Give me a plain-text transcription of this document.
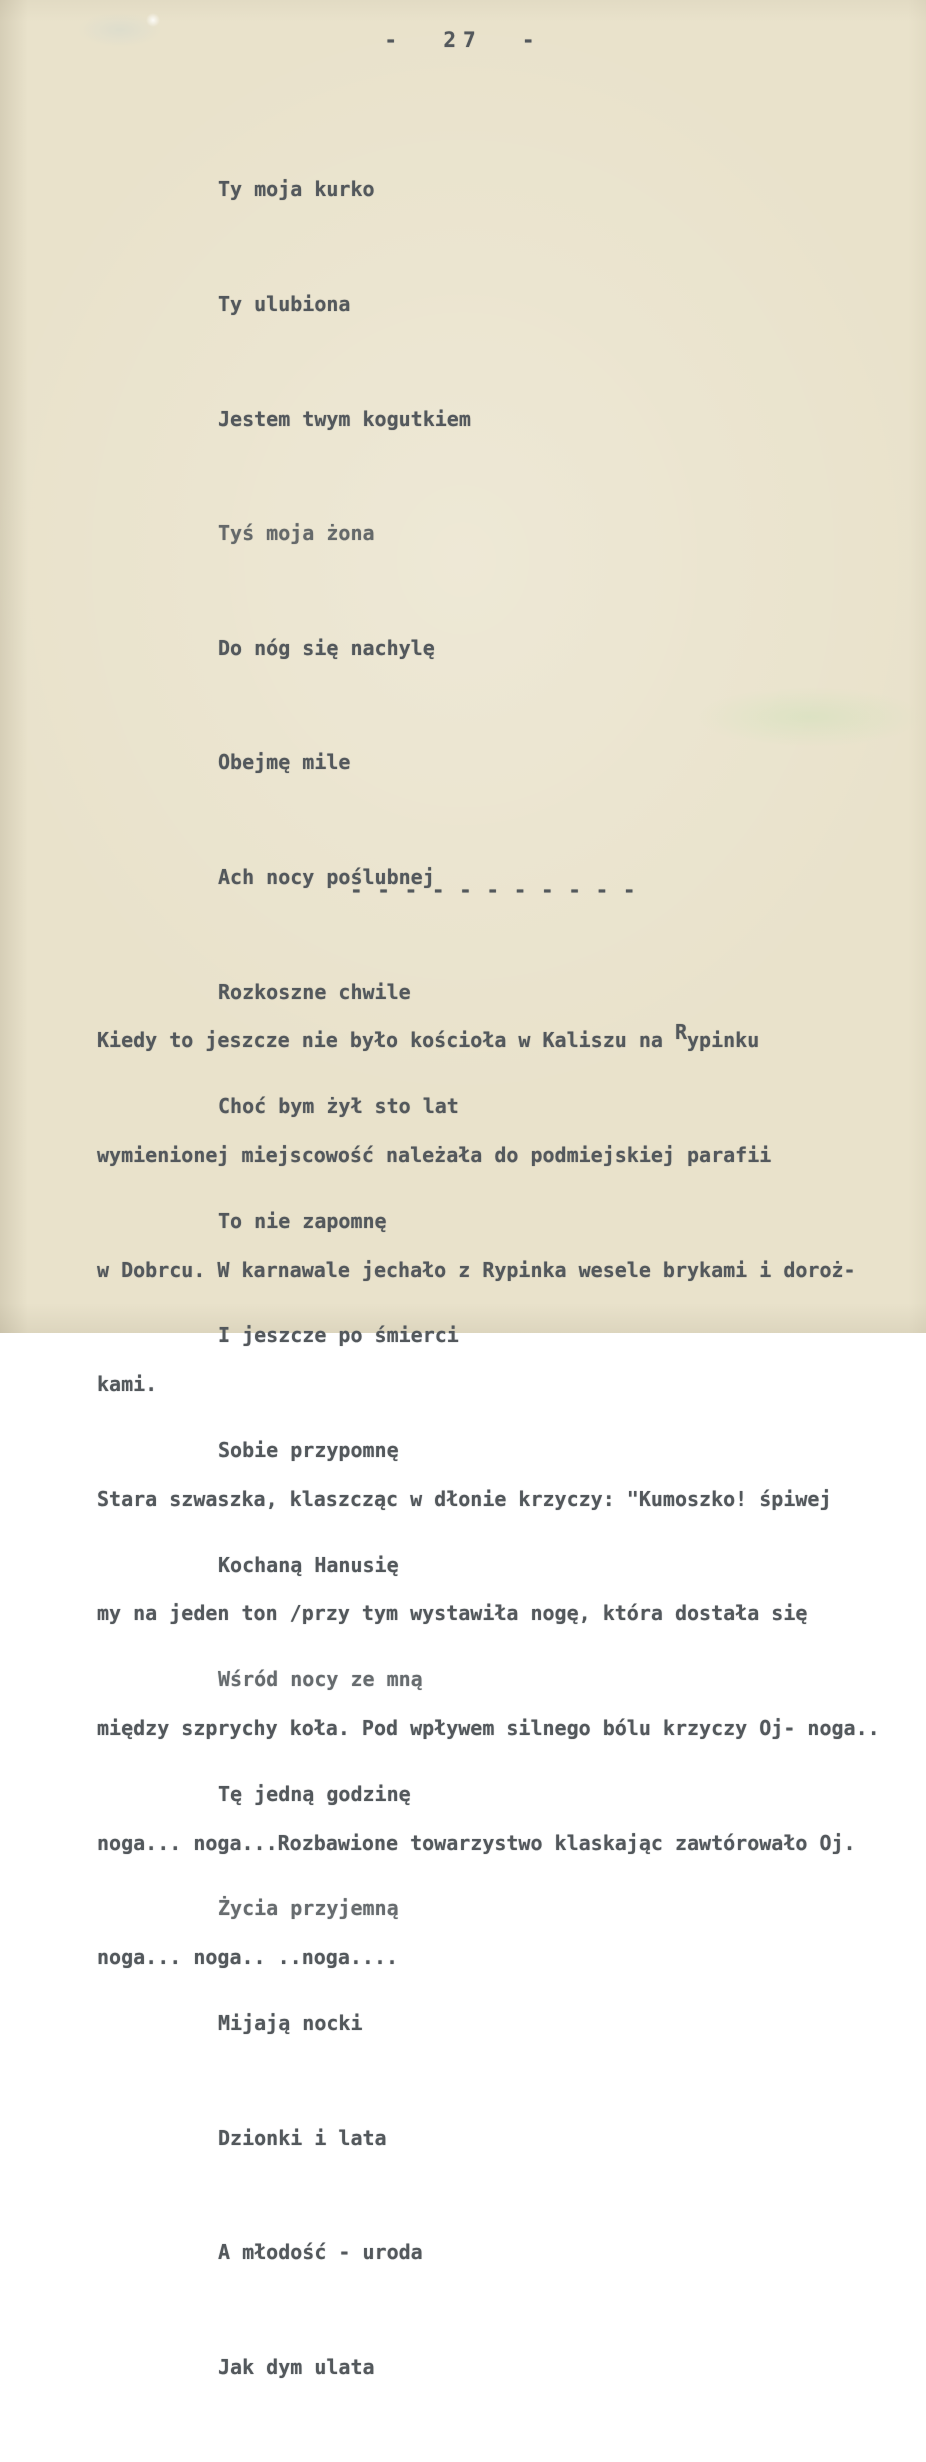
-  27  -

Ty moja kurko

Ty ulubiona

Jestem twym kogutkiem

Tyś moja żona

Do nóg się nachylę

Obejmę mile

Ach nocy poślubnej

Rozkoszne chwile

Choć bym żył sto lat

To nie zapomnę

I jeszcze po śmierci

Sobie przypomnę

Kochaną Hanusię

Wśród nocy ze mną

Tę jedną godzinę

Życia przyjemną

Mijają nocki

Dzionki i lata

A młodość - uroda

Jak dym ulata

- - - - - - - - - - -

Kiedy to jeszcze nie było kościoła w Kaliszu na Rypinku

wymienionej miejscowość należała do podmiejskiej parafii

w Dobrcu. W karnawale jechało z Rypinka wesele brykami i doroż-

kami.

Stara szwaszka, klaszcząc w dłonie krzyczy: "Kumoszko! śpiwej

my na jeden ton /przy tym wystawiła nogę, która dostała się

między szprychy koła. Pod wpływem silnego bólu krzyczy Oj- noga..

noga... noga...Rozbawione towarzystwo klaskając zawtórowało Oj.

noga... noga.. ..noga....
